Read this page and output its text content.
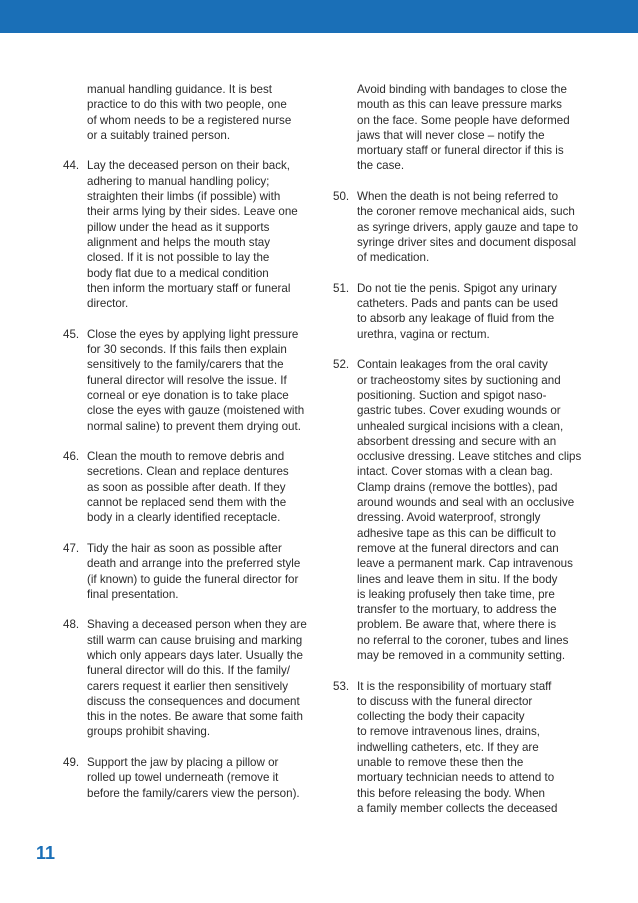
manual handling guidance. It is best
practice to do this with two people, one
of whom needs to be a registered nurse
or a suitably trained person.
44. Lay the deceased person on their back,
adhering to manual handling policy;
straighten their limbs (if possible) with
their arms lying by their sides. Leave one
pillow under the head as it supports
alignment and helps the mouth stay
closed. If it is not possible to lay the
body flat due to a medical condition
then inform the mortuary staff or funeral
director.
45. Close the eyes by applying light pressure
for 30 seconds. If this fails then explain
sensitively to the family/carers that the
funeral director will resolve the issue. If
corneal or eye donation is to take place
close the eyes with gauze (moistened with
normal saline) to prevent them drying out.
46. Clean the mouth to remove debris and
secretions. Clean and replace dentures
as soon as possible after death. If they
cannot be replaced send them with the
body in a clearly identified receptacle.
47. Tidy the hair as soon as possible after
death and arrange into the preferred style
(if known) to guide the funeral director for
final presentation.
48. Shaving a deceased person when they are
still warm can cause bruising and marking
which only appears days later. Usually the
funeral director will do this. If the family/
carers request it earlier then sensitively
discuss the consequences and document
this in the notes. Be aware that some faith
groups prohibit shaving.
49. Support the jaw by placing a pillow or
rolled up towel underneath (remove it
before the family/carers view the person).
Avoid binding with bandages to close the
mouth as this can leave pressure marks
on the face. Some people have deformed
jaws that will never close – notify the
mortuary staff or funeral director if this is
the case.
50. When the death is not being referred to
the coroner remove mechanical aids, such
as syringe drivers, apply gauze and tape to
syringe driver sites and document disposal
of medication.
51. Do not tie the penis. Spigot any urinary
catheters. Pads and pants can be used
to absorb any leakage of fluid from the
urethra, vagina or rectum.
52. Contain leakages from the oral cavity
or tracheostomy sites by suctioning and
positioning. Suction and spigot naso-
gastric tubes. Cover exuding wounds or
unhealed surgical incisions with a clean,
absorbent dressing and secure with an
occlusive dressing. Leave stitches and clips
intact. Cover stomas with a clean bag.
Clamp drains (remove the bottles), pad
around wounds and seal with an occlusive
dressing. Avoid waterproof, strongly
adhesive tape as this can be difficult to
remove at the funeral directors and can
leave a permanent mark. Cap intravenous
lines and leave them in situ. If the body
is leaking profusely then take time, pre
transfer to the mortuary, to address the
problem. Be aware that, where there is
no referral to the coroner, tubes and lines
may be removed in a community setting.
53. It is the responsibility of mortuary staff
to discuss with the funeral director
collecting the body their capacity
to remove intravenous lines, drains,
indwelling catheters, etc. If they are
unable to remove these then the
mortuary technician needs to attend to
this before releasing the body. When
a family member collects the deceased
11
